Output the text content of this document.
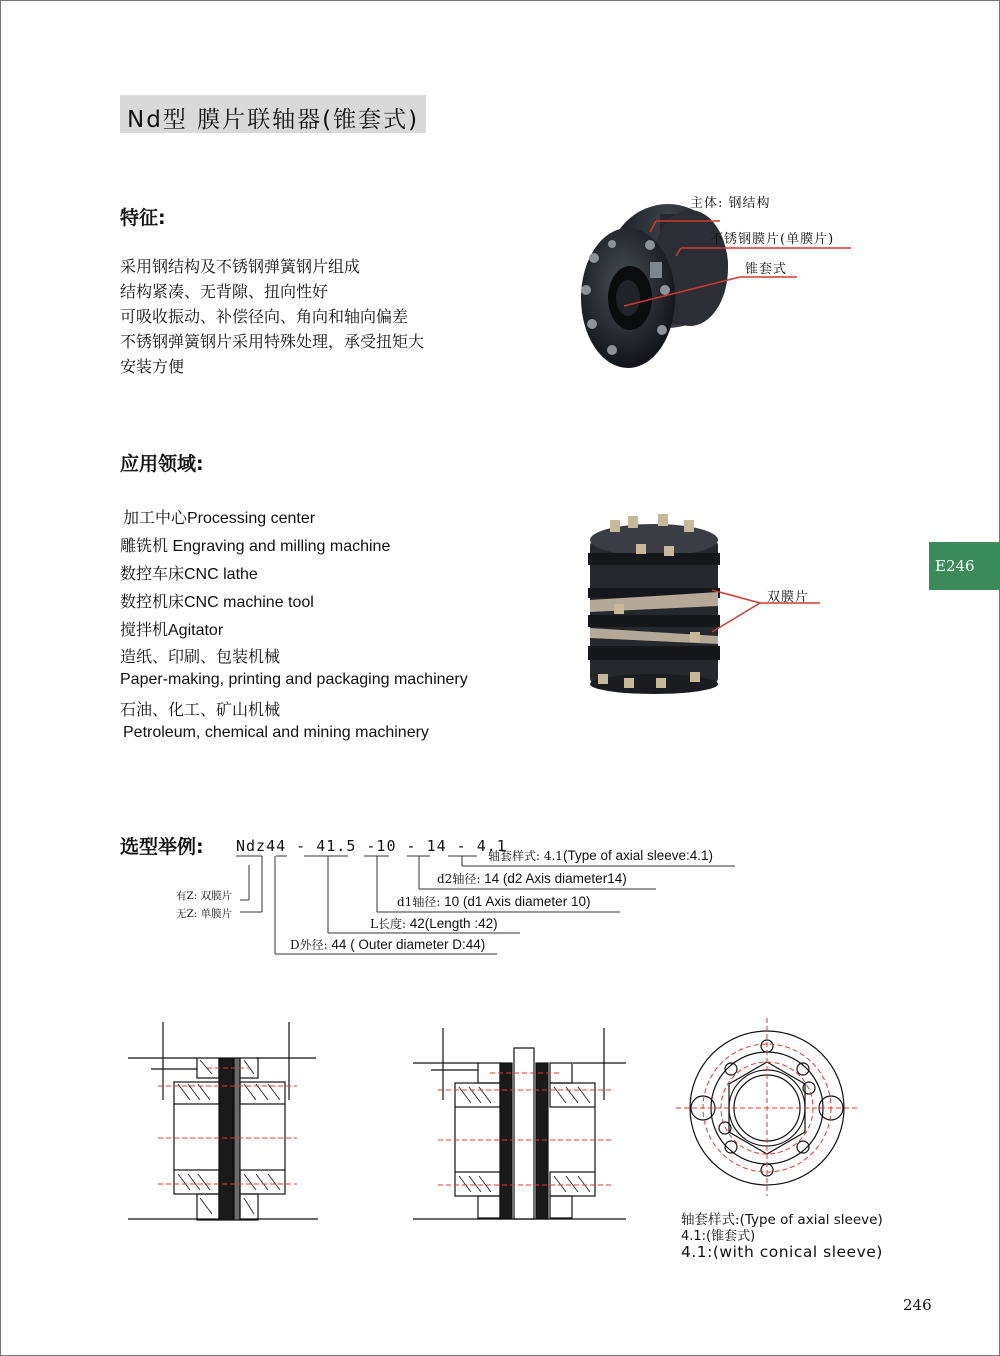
Nd型 膜片联轴器(锥套式)
特征:
采用钢结构及不锈钢弹簧钢片组成
结构紧凑、无背隙、扭向性好
可吸收振动、补偿径向、角向和轴向偏差
不锈钢弹簧钢片采用特殊处理，承受扭矩大
安装方便
应用领域:
加工中心Processing center
雕铣机 Engraving and milling machine
数控车床CNC lathe
数控机床CNC machine tool
搅拌机Agitator
造纸、印刷、包装机械
Paper-making, printing and packaging machinery
石油、化工、矿山机械
Petroleum, chemical and mining machinery
主体: 钢结构
不锈钢膜片(单膜片)
锥套式
双膜片
E246
选型举例: Ndz44 - 41.5 -10 - 14 - 4.1
轴套样式: 4.1(Type of axial sleeve:4.1)
d2轴径: 14 (d2 Axis diameter14)
d1轴径: 10 (d1 Axis diameter 10)
L长度: 42(Length :42)
D外径: 44 ( Outer diameter D:44)
有Z: 双膜片
无Z: 单膜片
轴套样式:(Type of axial sleeve)
4.1:(锥套式)
4.1:(with conical sleeve)
246
